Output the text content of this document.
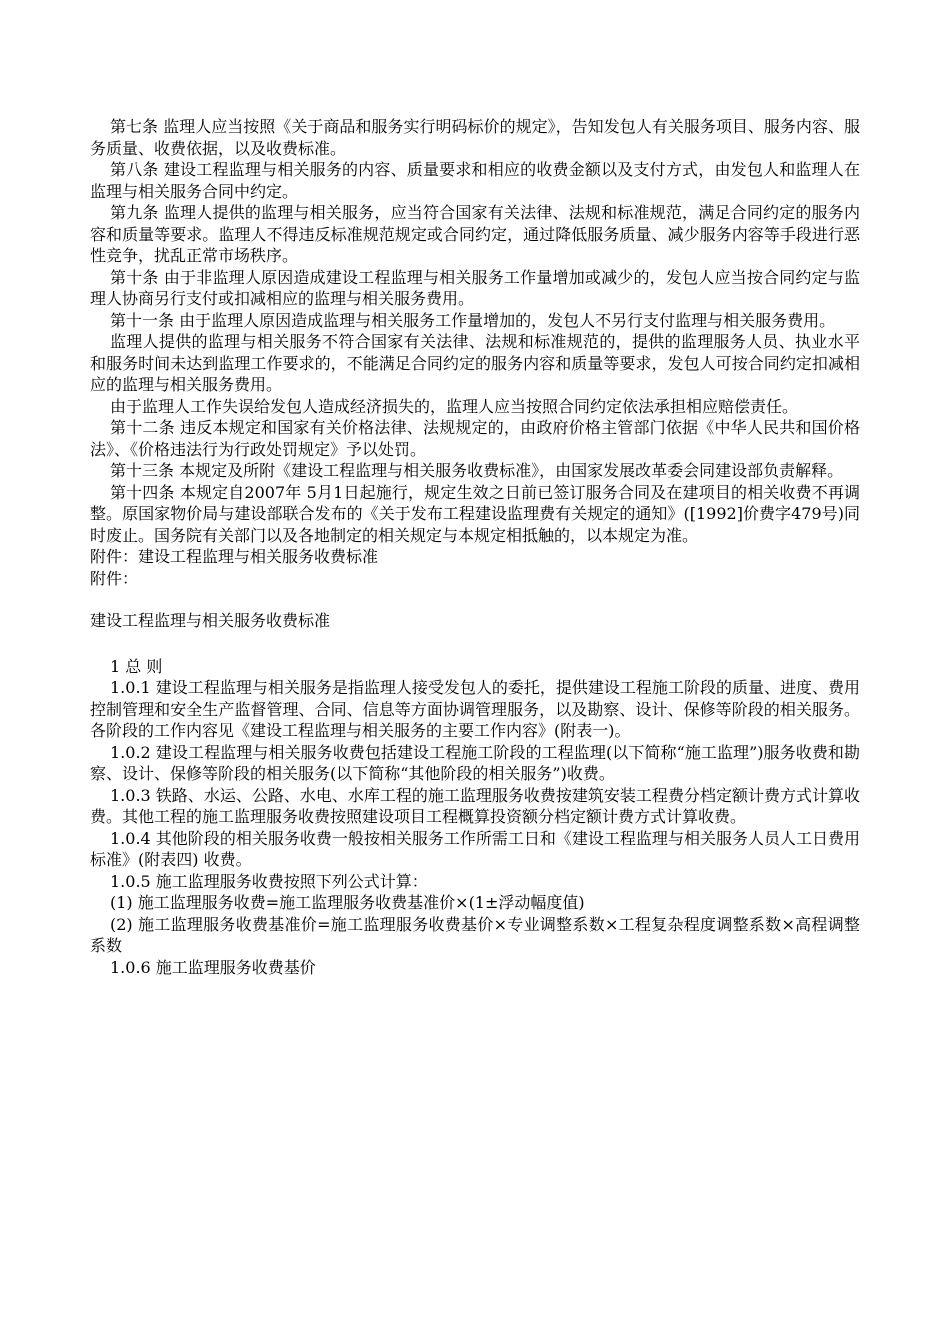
第七条 监理人应当按照《关于商品和服务实行明码标价的规定》，告知发包人有关服务项目、服务内容、服务质量、收费依据，以及收费标准。

第八条 建设工程监理与相关服务的内容、质量要求和相应的收费金额以及支付方式，由发包人和监理人在监理与相关服务合同中约定。

第九条 监理人提供的监理与相关服务，应当符合国家有关法律、法规和标准规范，满足合同约定的服务内容和质量等要求。监理人不得违反标准规范规定或合同约定，通过降低服务质量、减少服务内容等手段进行恶性竞争，扰乱正常市场秩序。

第十条 由于非监理人原因造成建设工程监理与相关服务工作量增加或减少的，发包人应当按合同约定与监理人协商另行支付或扣减相应的监理与相关服务费用。

第十一条 由于监理人原因造成监理与相关服务工作量增加的，发包人不另行支付监理与相关服务费用。

监理人提供的监理与相关服务不符合国家有关法律、法规和标准规范的，提供的监理服务人员、执业水平和服务时间未达到监理工作要求的，不能满足合同约定的服务内容和质量等要求，发包人可按合同约定扣减相应的监理与相关服务费用。

由于监理人工作失误给发包人造成经济损失的，监理人应当按照合同约定依法承担相应赔偿责任。

第十二条 违反本规定和国家有关价格法律、法规规定的，由政府价格主管部门依据《中华人民共和国价格法》、《价格违法行为行政处罚规定》予以处罚。

第十三条 本规定及所附《建设工程监理与相关服务收费标准》，由国家发展改革委会同建设部负责解释。

第十四条 本规定自2007年 5月1日起施行，规定生效之日前已签订服务合同及在建项目的相关收费不再调整。原国家物价局与建设部联合发布的《关于发布工程建设监理费有关规定的通知》([1992]价费字479号)同时废止。国务院有关部门以及各地制定的相关规定与本规定相抵触的，以本规定为准。

附件：建设工程监理与相关服务收费标准

附件：

建设工程监理与相关服务收费标准

1 总 则

1.0.1 建设工程监理与相关服务是指监理人接受发包人的委托，提供建设工程施工阶段的质量、进度、费用控制管理和安全生产监督管理、合同、信息等方面协调管理服务，以及勘察、设计、保修等阶段的相关服务。各阶段的工作内容见《建设工程监理与相关服务的主要工作内容》(附表一)。

1.0.2 建设工程监理与相关服务收费包括建设工程施工阶段的工程监理(以下简称“施工监理”)服务收费和勘察、设计、保修等阶段的相关服务(以下简称“其他阶段的相关服务”)收费。

1.0.3 铁路、水运、公路、水电、水库工程的施工监理服务收费按建筑安装工程费分档定额计费方式计算收费。其他工程的施工监理服务收费按照建设项目工程概算投资额分档定额计费方式计算收费。

1.0.4 其他阶段的相关服务收费一般按相关服务工作所需工日和《建设工程监理与相关服务人员人工日费用标准》(附表四) 收费。

1.0.5 施工监理服务收费按照下列公式计算：

(1) 施工监理服务收费=施工监理服务收费基准价×(1±浮动幅度值)

(2) 施工监理服务收费基准价=施工监理服务收费基价×专业调整系数×工程复杂程度调整系数×高程调整系数

1.0.6 施工监理服务收费基价
